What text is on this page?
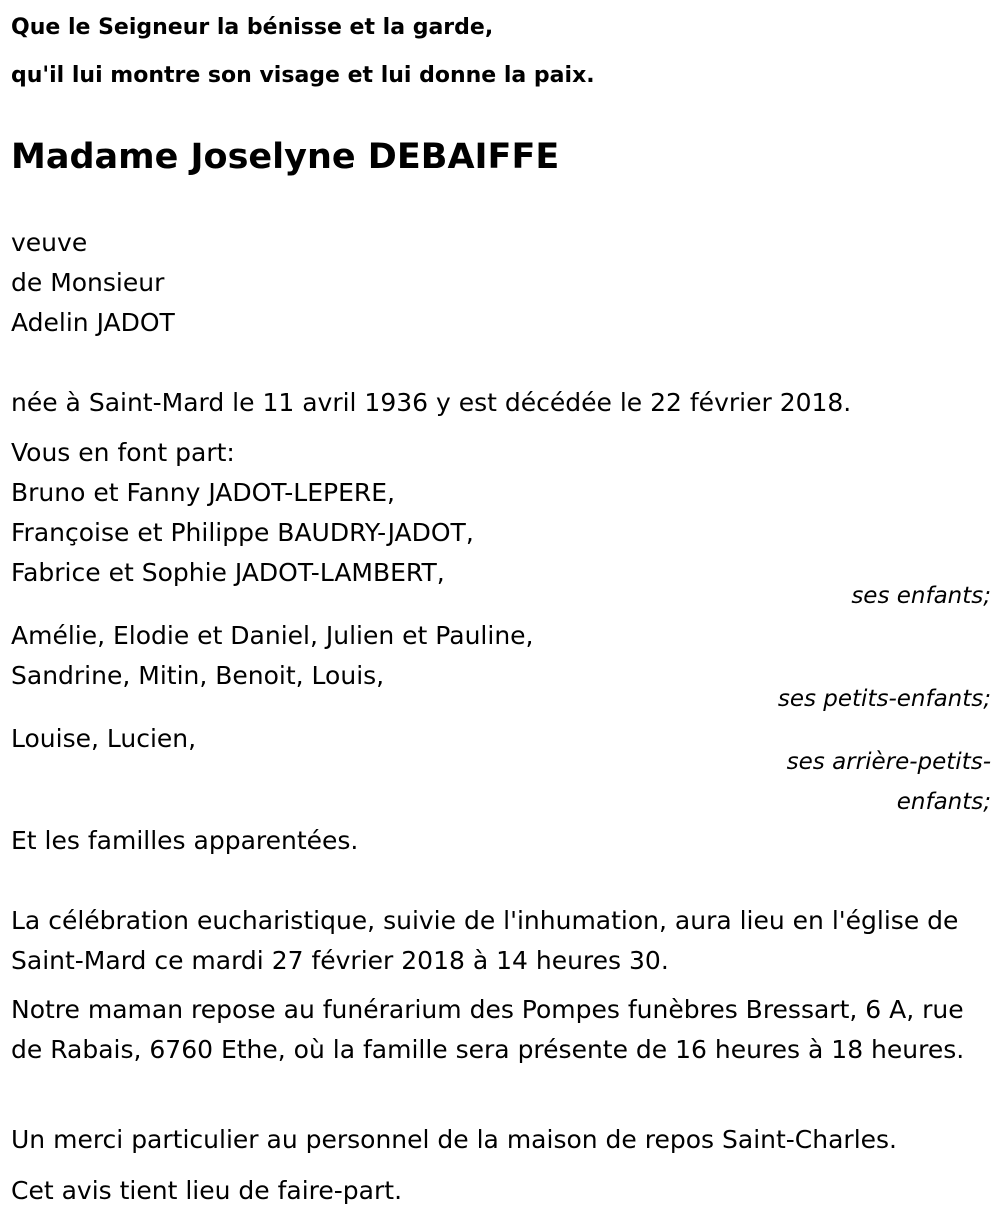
Que le Seigneur la bénisse et la garde,
qu'il lui montre son visage et lui donne la paix.
Madame Joselyne DEBAIFFE
veuve
de Monsieur
Adelin JADOT
née à Saint-Mard le 11 avril 1936 y est décédée le 22 février 2018.
Vous en font part:
Bruno et Fanny JADOT-LEPERE,
Françoise et Philippe BAUDRY-JADOT,
Fabrice et Sophie JADOT-LAMBERT,
ses enfants;
Amélie, Elodie et Daniel, Julien et Pauline,
Sandrine, Mitin, Benoit, Louis,
ses petits-enfants;
Louise, Lucien,
ses arrière-petits-
enfants;
Et les familles apparentées.
La célébration eucharistique, suivie de l'inhumation, aura lieu en l'église de Saint-Mard ce mardi 27 février 2018 à 14 heures 30.
Notre maman repose au funérarium des Pompes funèbres Bressart, 6 A, rue de Rabais, 6760 Ethe, où la famille sera présente de 16 heures à 18 heures.
Un merci particulier au personnel de la maison de repos Saint-Charles.
Cet avis tient lieu de faire-part.
